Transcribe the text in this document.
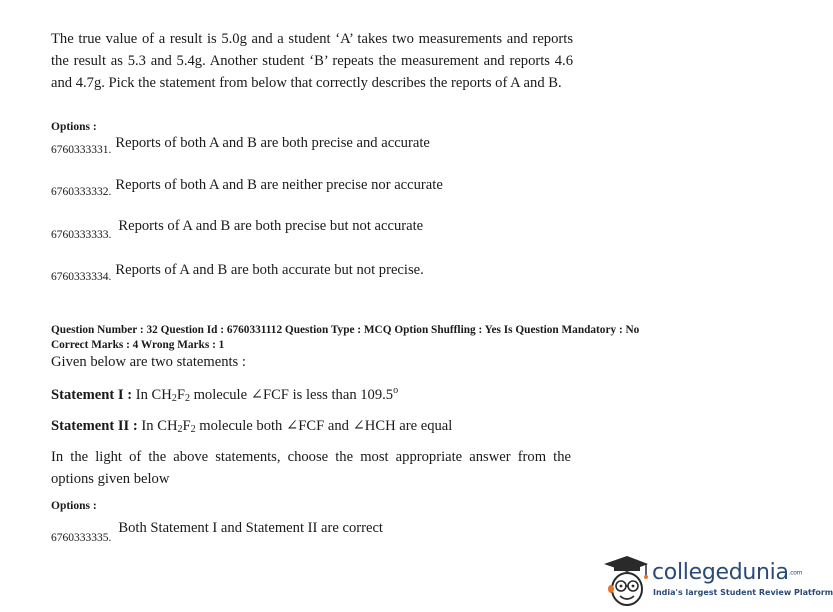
The true value of a result is 5.0g and a student ‘A’ takes two measurements and reports the result as 5.3 and 5.4g. Another student ‘B’ repeats the measurement and reports 4.6 and 4.7g. Pick the statement from below that correctly describes the reports of A and B.
Options :
6760333331. Reports of both A and B are both precise and accurate
6760333332. Reports of both A and B are neither precise nor accurate
6760333333. Reports of A and B are both precise but not accurate
6760333334. Reports of A and B are both accurate but not precise.
Question Number : 32 Question Id : 6760331112 Question Type : MCQ Option Shuffling : Yes Is Question Mandatory : No
Correct Marks : 4 Wrong Marks : 1
Given below are two statements :
Statement I : In $CH_2F_2$ molecule ∠FCF is less than 109.5$^o$
Statement II : In $CH_2F_2$ molecule both ∠FCF and ∠HCH are equal
In the light of the above statements, choose the most appropriate answer from the options given below
Options :
6760333335. Both Statement I and Statement II are correct
collegedunia.com
India's largest Student Review Platform
